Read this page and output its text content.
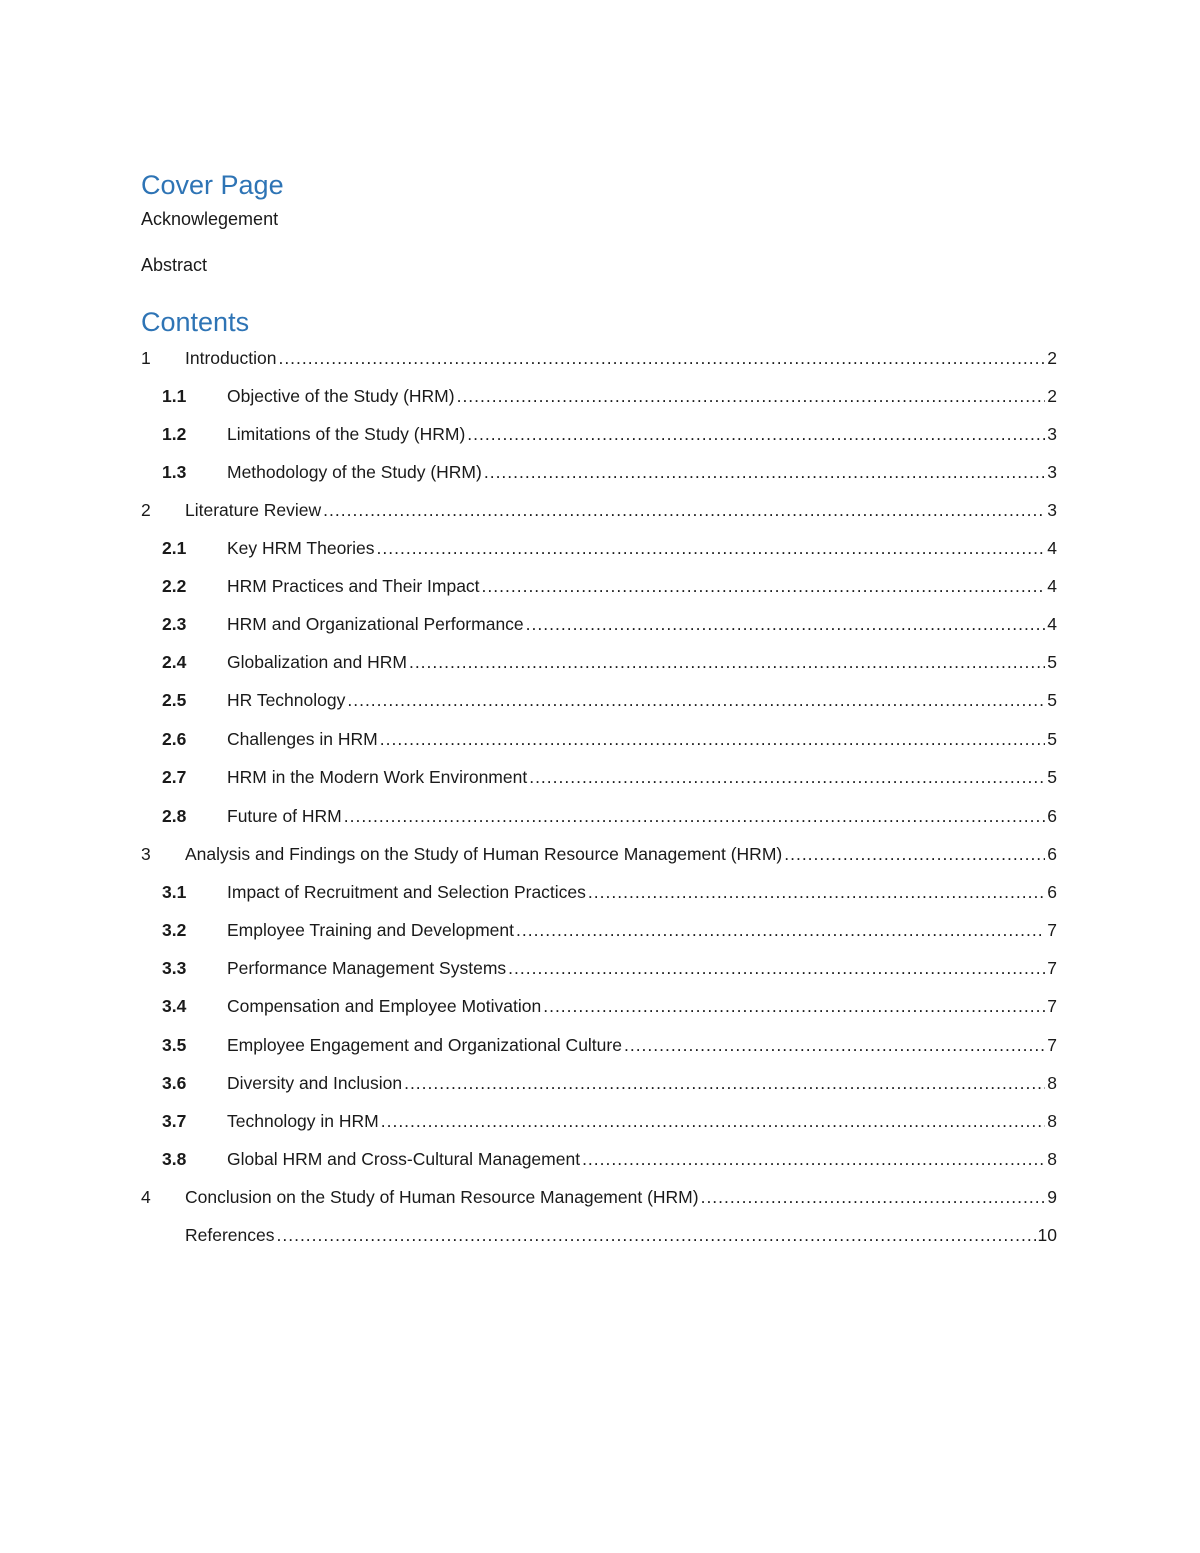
Cover Page

Acknowlegement

Abstract

Contents
1	Introduction .....	2
1.1	Objective of the Study (HRM) .....	2
1.2	Limitations of the Study (HRM) .....	3
1.3	Methodology of the Study (HRM) .....	3
2	Literature Review .....	3
2.1	Key HRM Theories .....	4
2.2	HRM Practices and Their Impact .....	4
2.3	HRM and Organizational Performance .....	4
2.4	Globalization and HRM .....	5
2.5	HR Technology .....	5
2.6	Challenges in HRM .....	5
2.7	HRM in the Modern Work Environment .....	5
2.8	Future of HRM .....	6
3	Analysis and Findings on the Study of Human Resource Management (HRM) .....	6
3.1	Impact of Recruitment and Selection Practices .....	6
3.2	Employee Training and Development .....	7
3.3	Performance Management Systems .....	7
3.4	Compensation and Employee Motivation .....	7
3.5	Employee Engagement and Organizational Culture .....	7
3.6	Diversity and Inclusion .....	8
3.7	Technology in HRM .....	8
3.8	Global HRM and Cross-Cultural Management .....	8
4	Conclusion on the Study of Human Resource Management (HRM) .....	9
References .....	10
